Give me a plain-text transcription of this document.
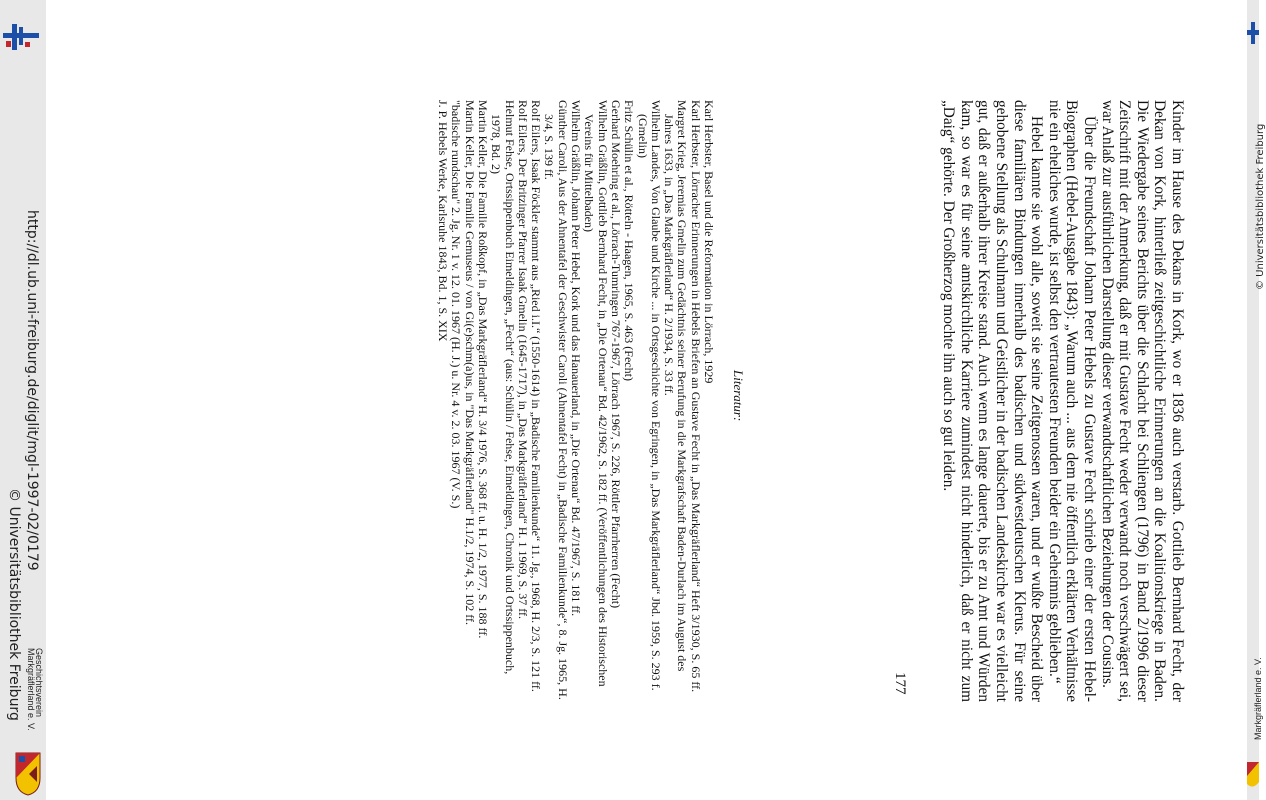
http://dl.ub.uni-freiburg.de/diglit/mgl-1997-02/0179
© Universitätsbibliothek Freiburg Geschichtsverein
Markgräflerland e. V.	Kinder im Hause des Dekans in Kork, wo er 1836 auch verstarb. Gottlieb Bernhard Fecht, der Dekan von Kork, hinterließ zeitgeschichtliche Erinnerungen an die Koalitionskriege in Baden. Die Wiedergabe seines Berichts über die Schlacht bei Schliengen (1796) in Band 2/1996 dieser Zeitschrift mit der Anmerkung, daß er mit Gustave Fecht weder verwandt noch verschwägert sei, war Anlaß zur ausführlichen Darstellung dieser verwandtschaftlichen Beziehungen der Cousins.

Über die Freundschaft Johann Peter Hebels zu Gustave Fecht schrieb einer der ersten Hebel-Biographen (Hebel-Ausgabe 1843): „Warum auch ... aus dem nie öffentlich erklärten Verhältnisse nie ein eheliches wurde, ist selbst den vertrautesten Freunden beider ein Geheimnis geblieben.“

Hebel kannte sie wohl alle, soweit sie seine Zeitgenossen waren, und er wußte Bescheid über diese familiären Bindungen innerhalb des badischen und südwestdeutschen Klerus. Für seine gehobene Stellung als Schulmann und Geistlicher in der badischen Landeskirche war es vielleicht gut, daß er außerhalb ihrer Kreise stand. Auch wenn es lange dauerte, bis er zu Amt und Würden kam, so war es für seine amtskirchliche Karriere zumindest nicht hinderlich, daß er nicht zum „Daig“ gehörte. Der Großherzog mochte ihn auch so gut leiden.

Literatur:

Karl Herbster, Basel und die Reformation in Lörrach, 1929

Karl Herbster, Lörracher Erinnerungen in Hebels Briefen an Gustave Fecht in „Das Markgräflerland“ Heft 3/1930, S. 65 ff.

Margret Krieg, Jeremias Gmelin zum Gedächtnis seiner Berufung in die Markgrafschaft Baden-Durlach im August des Jahres 1633, in „Das Markgräflerland“ H. 2/1934, S. 33 ff.

Wilhelm Landes, Von Glaube und Kirche ... in Ortsgeschichte von Egringen, in „Das Markgräflerland“ Jbd. 1959, S. 293 f. (Gmelin)

Fritz Schülin et al., Rötteln - Haagen, 1965, S. 463 (Fecht)

Gerhard Moehring et al., Lörrach-Tumringen 767-1967, Lörrach 1967, S. 226, Röttler Pfarrherren (Fecht)

Wilhelm Gräßlin, Gottlieb Bernhard Fecht, in „Die Ortenau“ Bd. 42/1962, S. 182 ff. (Veröffentlichungen des Historischen Vereins für Mittelbaden)

Wilhelm Gräßlin, Johann Peter Hebel, Kork und das Hanauerland, in „Die Ortenau“ Bd. 47/1967, S. 181 ff.

Günther Caroli, Aus der Ahnentafel der Geschwister Caroli (Ahnentafel Fecht) in „Badische Familienkunde“, 8. Jg. 1965, H. 3/4, S. 139 ff.

Rolf Eilers, Isaak Föckler stammt aus „Ried i.I.“ (1550-1614) in „Badische Familienkunde“ 11. Jg., 1968, H. 2/3, S. 121 ff.

Rolf Eilers, Der Britzinger Pfarrer Isaak Gmelin (1645-1717), in „Das Markgräflerland“ H. 1 1969, S. 37 ff.

Helmut Fehse, Ortssippenbuch Eimeldingen, „Fecht“ (aus: Schülin / Fehse, Eimeldingen, Chronik und Ortssippenbuch, 1978, Bd. 2)

Martin Keller, Die Familie Roßkopf, in „Das Markgräflerland“ H. 3/4 1976, S. 368 ff. u. H. 1/2, 1977, S. 188 ff.

Martin Keller, Die Familie Gemuseus / von Gi(e)schm(a)us, in "Das Markgräflerland" H.1/2, 1974, S. 102 ff.

"badische rundschau" 2. Jg. Nr. 1 v. 12. 01. 1967 (H. J.) u. Nr. 4 v. 2. 03. 1967 (V. S.)

J. P. Hebels Werke, Karlsruhe 1843, Bd. 1, S. XIX

177
© Universitätsbibliothek Freiburg
Markgräflerland e. V.
